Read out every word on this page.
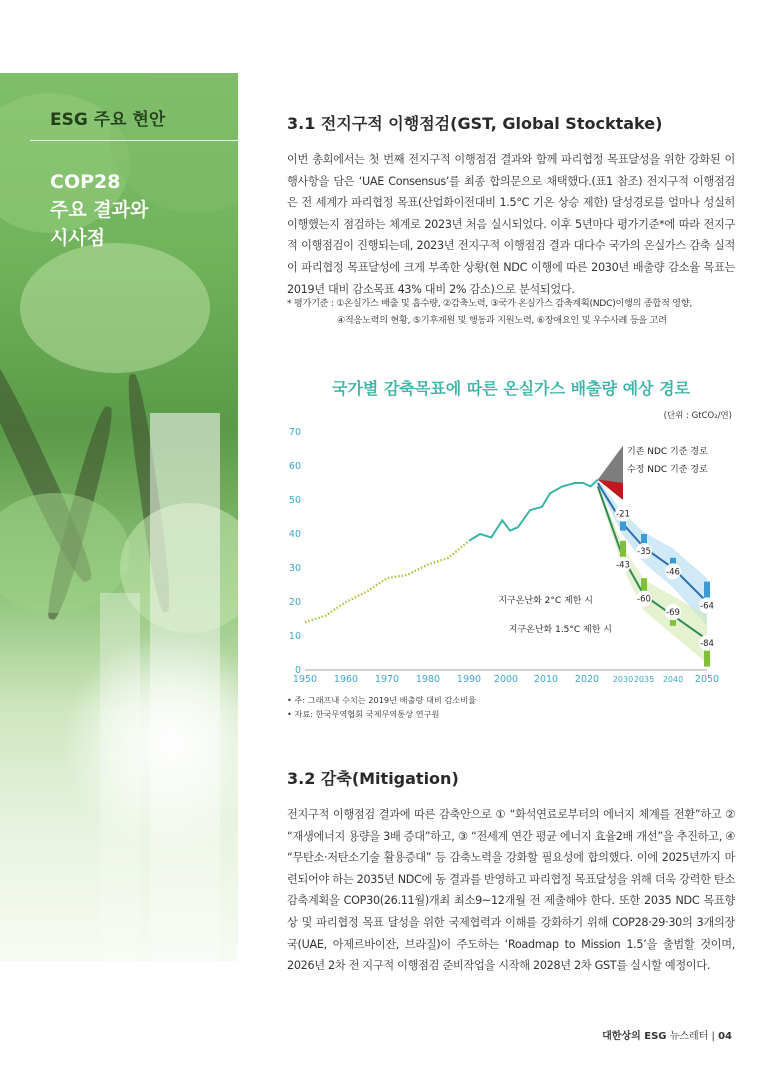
ESG 주요 현안
COP28
주요 결과와
시사점
3.1 전지구적 이행점검(GST, Global Stocktake)
이번 총회에서는 첫 번째 전지구적 이행점검 결과와 함께 파리협정 목표달성을 위한 강화된 이행사항을 담은 ‘UAE Consensus’를 최종 합의문으로 채택했다.(표1 참조) 전지구적 이행점검은 전 세계가 파리협정 목표(산업화이전대비 1.5°C 기온 상승 제한) 달성경로를 얼마나 성실히 이행했는지 점검하는 체계로 2023년 처음 실시되었다. 이후 5년마다 평가기준*에 따라 전지구적 이행점검이 진행되는데, 2023년 전지구적 이행점검 결과 대다수 국가의 온실가스 감축 실적이 파리협정 목표달성에 크게 부족한 상황(현 NDC 이행에 따른 2030년 배출량 감소율 목표는 2019년 대비 감소목표 43% 대비 2% 감소)으로 분석되었다.
* 평가기준 : ①온실가스 배출 및 흡수량, ②감축노력, ③국가 온실가스 감축계획(NDC)이행의 종합적 영향,
④적응노력의 현황, ⑤기후재원 및 행동과 지원노력, ⑥장애요인 및 우수사례 등을 고려
국가별 감축목표에 따른 온실가스 배출량 예상 경로
(단위 : GtCO₂/연)
-21
-43
-35
-60
-46
-69
-64
-84
0
10
20
30
40
50
60
70
1950 1960 1970 1980 1990 2000 2010 2020 2030 2035 2040 2050
기존 NDC 기준 경로
수정 NDC 기준 경로
지구온난화 2°C 제한 시
지구온난화 1.5°C 제한 시
• 주: 그래프내 수치는 2019년 배출량 대비 감소비율
• 자료: 한국무역협회 국제무역통상 연구원
3.2 감축(Mitigation)
전지구적 이행점검 결과에 따른 감축안으로 ① “화석연료로부터의 에너지 체계를 전환”하고 ② “재생에너지 용량을 3배 증대”하고, ③ “전세계 연간 평균 에너지 효율2배 개선”을 추진하고, ④ “무탄소·저탄소기술 활용증대” 등 감축노력을 강화할 필요성에 합의했다. 이에 2025년까지 마련되어야 하는 2035년 NDC에 동 결과를 반영하고 파리협정 목표달성을 위해 더욱 강력한 탄소감축계획을 COP30(26.11월)개최 최소9~12개월 전 제출해야 한다. 또한 2035 NDC 목표향상 및 파리협정 목표 달성을 위한 국제협력과 이해를 강화하기 위해 COP28·29·30의 3개의장국(UAE, 아제르바이잔, 브라질)이 주도하는 ‘Roadmap to Mission 1.5’을 출범할 것이며, 2026년 2차 전 지구적 이행점검 준비작업을 시작해 2028년 2차 GST를 실시할 예정이다.
대한상의 ESG 뉴스레터 | 04
